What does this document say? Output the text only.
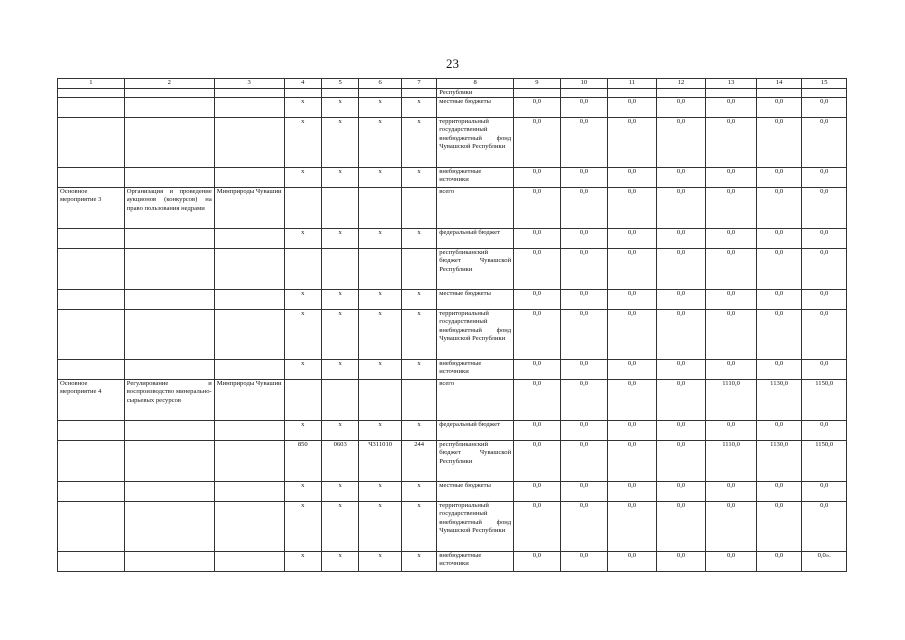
23
1	2	3	4	5	6	7	8	9	10	11	12	13	14	15
							Республики							
			х	х	х	х	местные бюджеты	0,0	0,0	0,0	0,0	0,0	0,0	0,0
			х	х	х	х	территориальный государственный внебюджетный фонд Чувашской Республики	0,0	0,0	0,0	0,0	0,0	0,0	0,0
			х	х	х	х	внебюджетные источники	0,0	0,0	0,0	0,0	0,0	0,0	0,0
Основное мероприятие 3	Организация и проведение аукционов (конкурсов) на право пользования недрами	Минприроды Чувашии					всего	0,0	0,0	0,0	0,0	0,0	0,0	0,0
			х	х	х	х	федеральный бюджет	0,0	0,0	0,0	0,0	0,0	0,0	0,0
							республиканский бюджет Чувашской Республики	0,0	0,0	0,0	0,0	0,0	0,0	0,0
			х	х	х	х	местные бюджеты	0,0	0,0	0,0	0,0	0,0	0,0	0,0
			х	х	х	х	территориальный государственный внебюджетный фонд Чувашской Республики	0,0	0,0	0,0	0,0	0,0	0,0	0,0
			х	х	х	х	внебюджетные источники	0,0	0,0	0,0	0,0	0,0	0,0	0,0
Основное мероприятие 4	Регулирование и воспроизводство минерально-сырьевых ресурсов	Минприроды Чувашии					всего	0,0	0,0	0,0	0,0	1110,0	1130,0	1150,0
			х	х	х	х	федеральный бюджет	0,0	0,0	0,0	0,0	0,0	0,0	0,0
			850	0603	Ч311010	244	республиканский бюджет Чувашской Республики	0,0	0,0	0,0	0,0	1110,0	1130,0	1150,0
			х	х	х	х	местные бюджеты	0,0	0,0	0,0	0,0	0,0	0,0	0,0
			х	х	х	х	территориальный государственный внебюджетный фонд Чувашской Республики	0,0	0,0	0,0	0,0	0,0	0,0	0,0
			х	х	х	х	внебюджетные источники	0,0	0,0	0,0	0,0	0,0	0,0	0,0».
